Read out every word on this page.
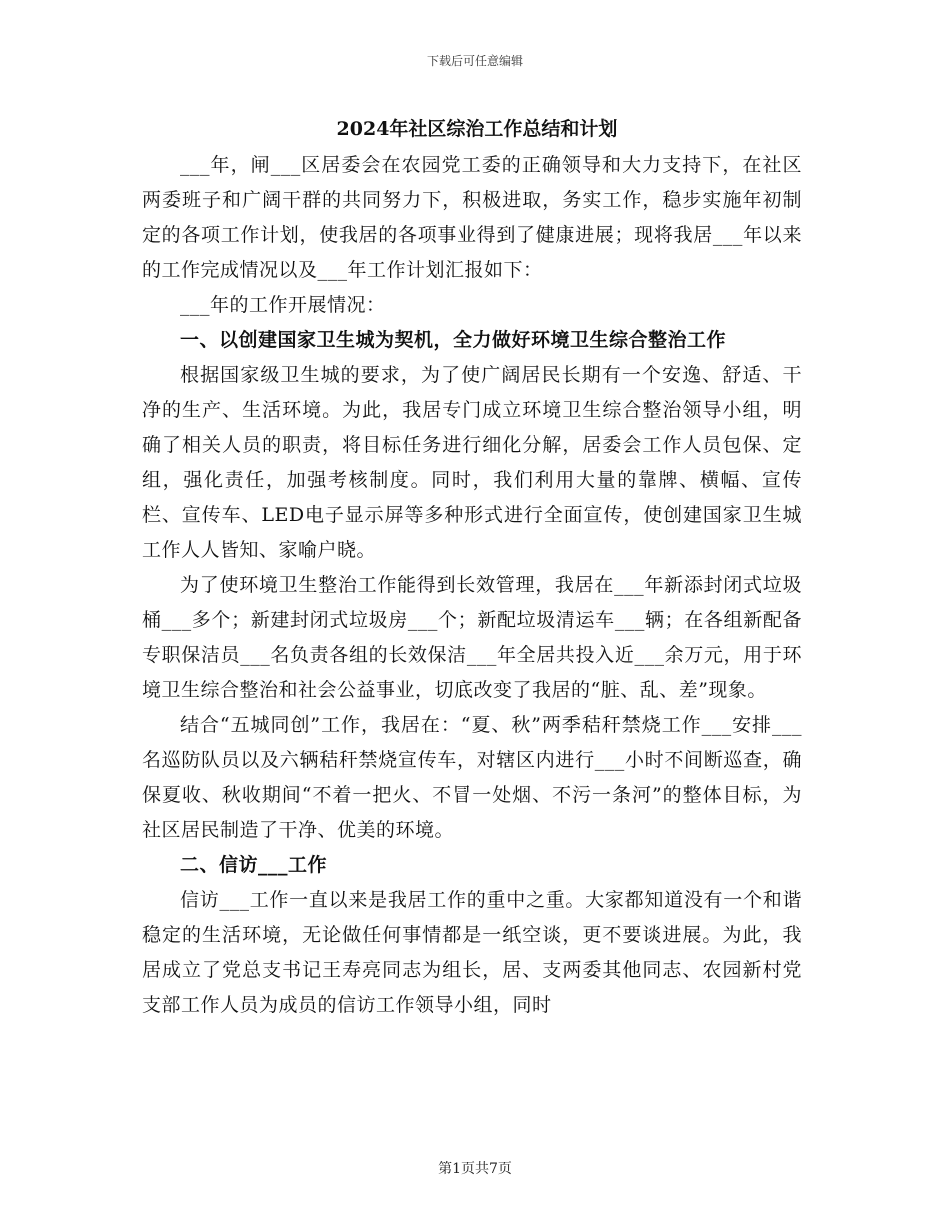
下载后可任意编辑
2024年社区综治工作总结和计划

___年，闸___区居委会在农园党工委的正确领导和大力支持下，在社区两委班子和广阔干群的共同努力下，积极进取，务实工作，稳步实施年初制定的各项工作计划，使我居的各项事业得到了健康进展；现将我居___年以来的工作完成情况以及___年工作计划汇报如下：

___年的工作开展情况：

一、以创建国家卫生城为契机，全力做好环境卫生综合整治工作

根据国家级卫生城的要求，为了使广阔居民长期有一个安逸、舒适、干净的生产、生活环境。为此，我居专门成立环境卫生综合整治领导小组，明确了相关人员的职责，将目标任务进行细化分解，居委会工作人员包保、定组，强化责任，加强考核制度。同时，我们利用大量的靠牌、横幅、宣传栏、宣传车、LED电子显示屏等多种形式进行全面宣传，使创建国家卫生城工作人人皆知、家喻户晓。

为了使环境卫生整治工作能得到长效管理，我居在___年新添封闭式垃圾桶___多个；新建封闭式垃圾房___个；新配垃圾清运车___辆；在各组新配备专职保洁员___名负责各组的长效保洁___年全居共投入近___余万元，用于环境卫生综合整治和社会公益事业，切底改变了我居的“脏、乱、差”现象。

结合“五城同创”工作，我居在：“夏、秋”两季秸秆禁烧工作___安排___名巡防队员以及六辆秸秆禁烧宣传车，对辖区内进行___小时不间断巡查，确保夏收、秋收期间“不着一把火、不冒一处烟、不污一条河”的整体目标，为社区居民制造了干净、优美的环境。

二、信访___工作

信访___工作一直以来是我居工作的重中之重。大家都知道没有一个和谐稳定的生活环境，无论做任何事情都是一纸空谈，更不要谈进展。为此，我居成立了党总支书记王寿亮同志为组长，居、支两委其他同志、农园新村党支部工作人员为成员的信访工作领导小组，同时

第1页共7页
